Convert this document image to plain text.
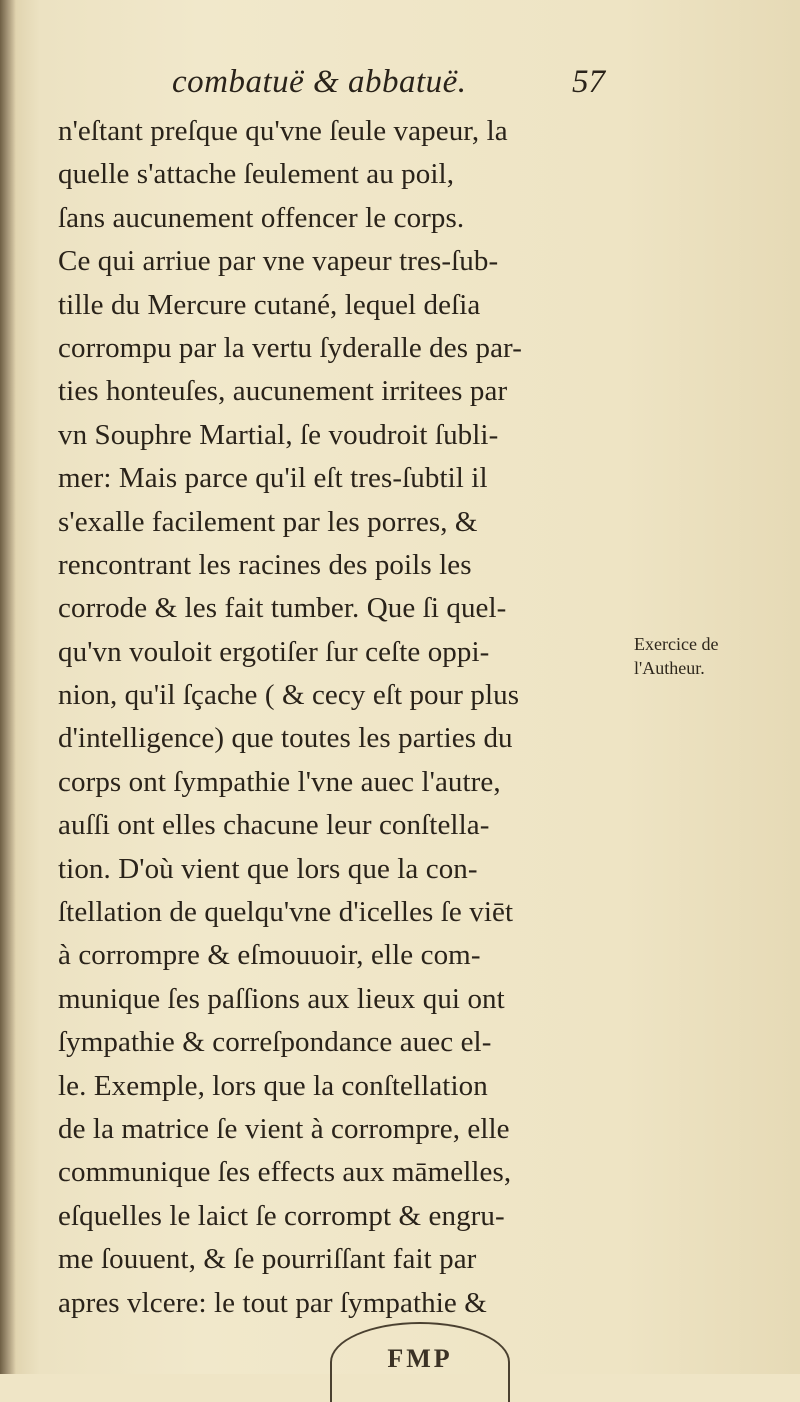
combatuë & abbatuë.	57
n'eſtant preſque qu'vne ſeule vapeur, la
quelle s'attache ſeulement au poil,
ſans aucunement offencer le corps.
Ce qui arriue par vne vapeur tres-ſub-
tille du Mercure cutané, lequel deſia
corrompu par la vertu ſyderalle des par-
ties honteuſes, aucunement irritees par
vn Souphre Martial, ſe voudroit ſubli-
mer: Mais parce qu'il eſt tres-ſubtil il
s'exalle facilement par les porres, &
rencontrant les racines des poils les
corrode & les fait tumber. Que ſi quel-
qu'vn vouloit ergotiſer ſur ceſte oppi-
nion, qu'il ſçache ( & cecy eſt pour plus
d'intelligence) que toutes les parties du
corps ont ſympathie l'vne auec l'autre,
auſſi ont elles chacune leur conſtella-
tion. D'où vient que lors que la con-
ſtellation de quelqu'vne d'icelles ſe viēt
à corrompre & eſmouuoir, elle com-
munique ſes paſſions aux lieux qui ont
ſympathie & correſpondance auec el-
le. Exemple, lors que la conſtellation
de la matrice ſe vient à corrompre, elle
communique ſes effects aux māmelles,
eſquelles le laict ſe corrompt & engru-
me ſouuent, & ſe pourriſſant fait par
apres vlcere: le tout par ſympathie &
Exercice de
l'Autheur.
FMP
